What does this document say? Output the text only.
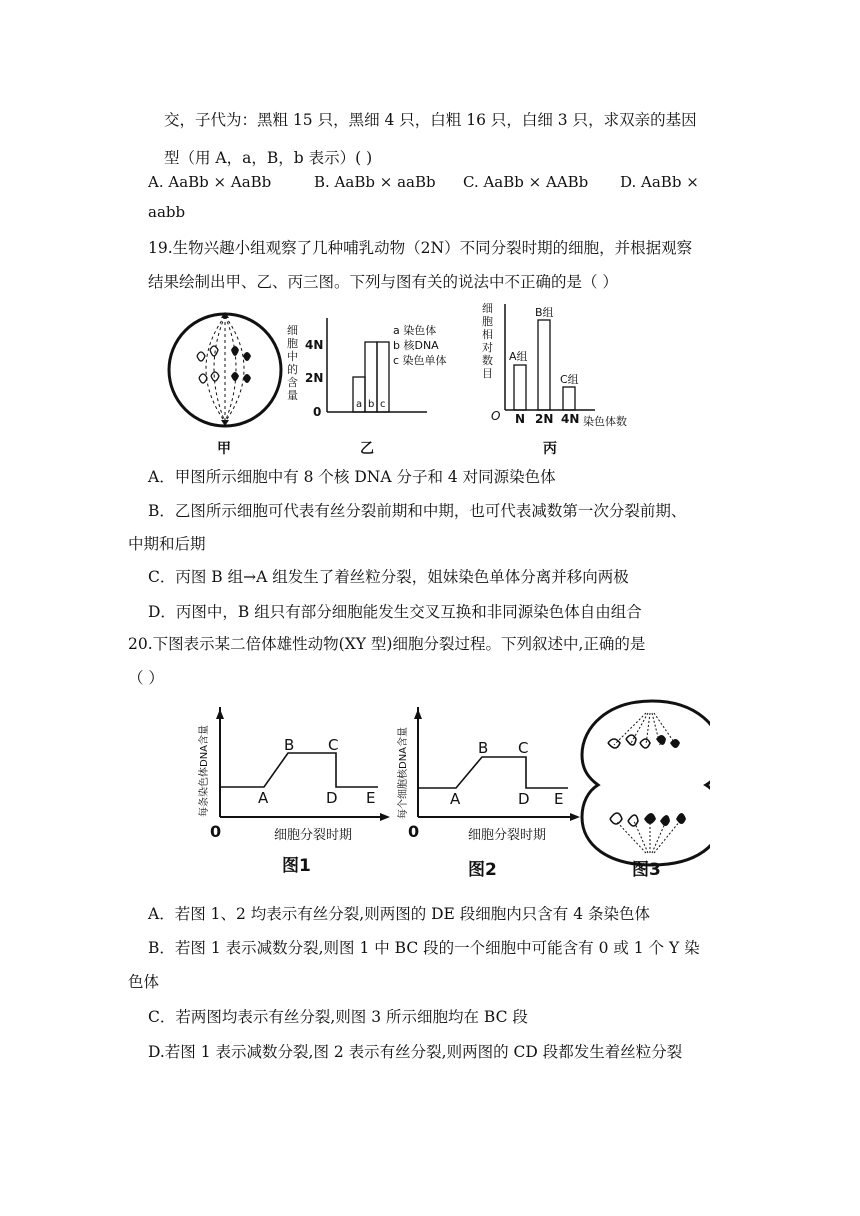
交，子代为：黑粗 15 只，黑细 4 只，白粗 16 只，白细 3 只，求双亲的基因
型（用 A，a，B，b 表示）( )
A. AaBb × AaBb	B. AaBb × aaBb C. AaBb × AABb D. AaBb ×
aabb
19.生物兴趣小组观察了几种哺乳动物（2N）不同分裂时期的细胞，并根据观察
结果绘制出甲、乙、丙三图。下列与图有关的说法中不正确的是（ ）
甲
细
胞
中
的
含
量
4N
2N
0
a b c
a 染色体
b 核DNA
c 染色单体
乙
细
胞
相
对
数
目
O
A组
B组
C组
N 2N 4N 染色体数
丙
A．甲图所示细胞中有 8 个核 DNA 分子和 4 对同源染色体
B．乙图所示细胞可代表有丝分裂前期和中期，也可代表减数第一次分裂前期、
中期和后期
C．丙图 B 组→A 组发生了着丝粒分裂，姐妹染色单体分离并移向两极
D．丙图中，B 组只有部分细胞能发生交叉互换和非同源染色体自由组合
20.下图表示某二倍体雄性动物(XY 型)细胞分裂过程。下列叙述中,正确的是
（ ）
每条染色体DNA含量	A
B C
D E
0	细胞分裂时期
图1
每个细胞核DNA含量	A
B C
D E
0	细胞分裂时期
图2	图3
A．若图 1、2 均表示有丝分裂,则两图的 DE 段细胞内只含有 4 条染色体
B．若图 1 表示减数分裂,则图 1 中 BC 段的一个细胞中可能含有 0 或 1 个 Y 染
色体
C．若两图均表示有丝分裂,则图 3 所示细胞均在 BC 段
D.若图 1 表示减数分裂,图 2 表示有丝分裂,则两图的 CD 段都发生着丝粒分裂
